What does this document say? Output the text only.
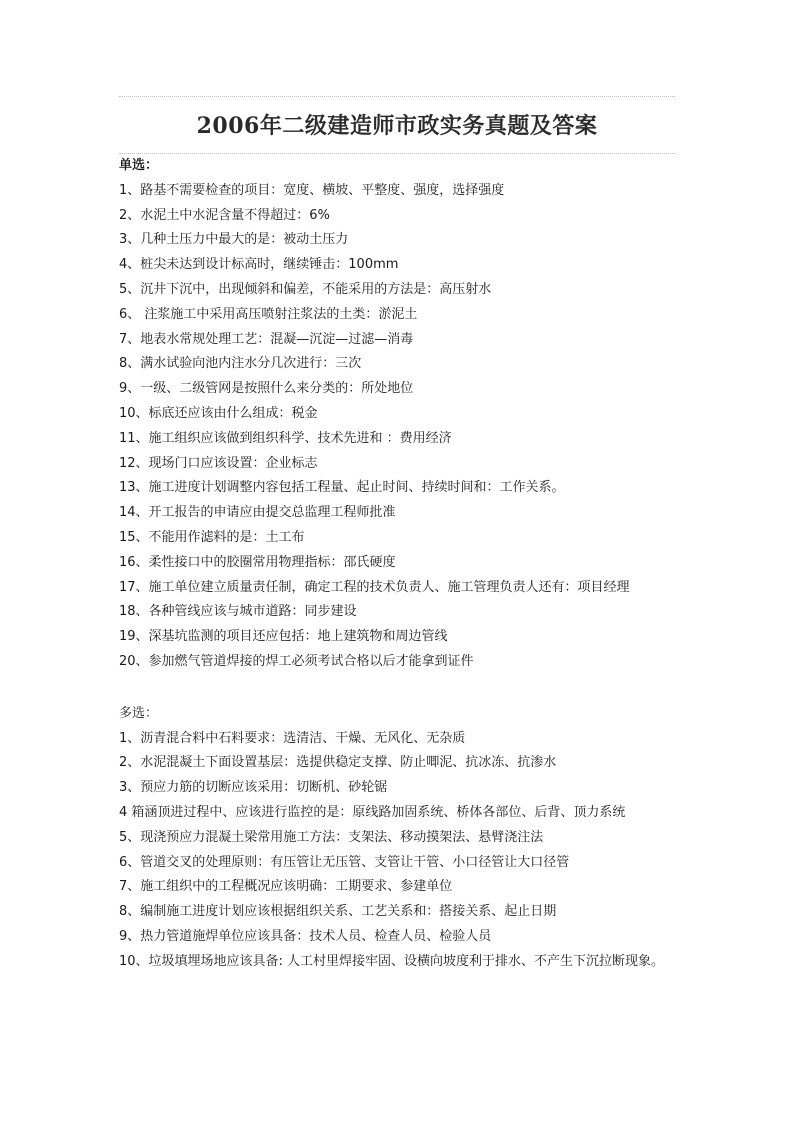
2006年二级建造师市政实务真题及答案
单选：
1、路基不需要检查的项目：宽度、横坡、平整度、强度，选择强度
2、水泥土中水泥含量不得超过：6%
3、几种土压力中最大的是：被动土压力
4、桩尖未达到设计标高时，继续锤击：100mm
5、沉井下沉中，出现倾斜和偏差，不能采用的方法是：高压射水
6、 注浆施工中采用高压喷射注浆法的土类：淤泥土
7、地表水常规处理工艺：混凝—沉淀—过滤—消毒
8、满水试验向池内注水分几次进行：三次
9、一级、二级管网是按照什么来分类的：所处地位
10、标底还应该由什么组成：税金
11、施工组织应该做到组织科学、技术先进和 ：费用经济
12、现场门口应该设置：企业标志
13、施工进度计划调整内容包括工程量、起止时间、持续时间和：工作关系。
14、开工报告的申请应由提交总监理工程师批准
15、不能用作滤料的是：土工布
16、柔性接口中的胶圈常用物理指标：邵氏硬度
17、施工单位建立质量责任制，确定工程的技术负责人、施工管理负责人还有：项目经理
18、各种管线应该与城市道路：同步建设
19、深基坑监测的项目还应包括：地上建筑物和周边管线
20、参加燃气管道焊接的焊工必须考试合格以后才能拿到证件
多选：
1、沥青混合料中石料要求：选清洁、干燥、无风化、无杂质
2、水泥混凝土下面设置基层：选提供稳定支撑、防止唧泥、抗冰冻、抗渗水
3、预应力筋的切断应该采用：切断机、砂轮锯
4 箱涵顶进过程中、应该进行监控的是：原线路加固系统、桥体各部位、后背、顶力系统
5、现浇预应力混凝土梁常用施工方法：支架法、移动摸架法、悬臂浇注法
6、管道交叉的处理原则：有压管让无压管、支管让干管、小口径管让大口径管
7、施工组织中的工程概况应该明确：工期要求、参建单位
8、编制施工进度计划应该根据组织关系、工艺关系和：搭接关系、起止日期
9、热力管道施焊单位应该具备：技术人员、检查人员、检验人员
10、垃圾填埋场地应该具备: 人工村里焊接牢固、设横向坡度利于排水、不产生下沉拉断现象。
